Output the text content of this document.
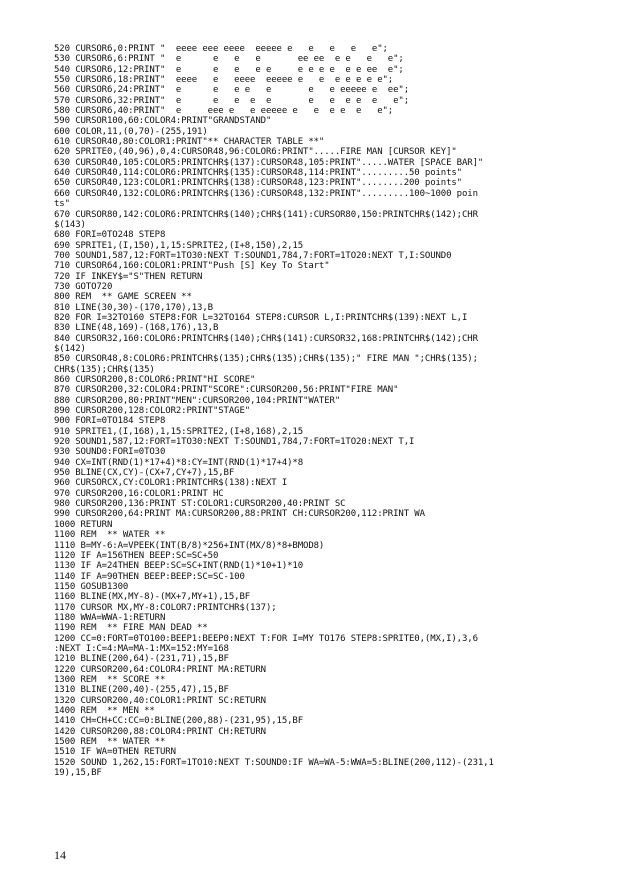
520 CURSOR6,0:PRINT "  eeee eee eeee  eeeee e   e   e   e   e";
530 CURSOR6,6:PRINT "  e      e   e   e       ee ee  e e   e   e";
540 CURSOR6,12:PRINT"  e      e   e   e e     e e e e  e e ee  e";
550 CURSOR6,18:PRINT"  eeee   e   eeee  eeeee e   e  e e e e e";
560 CURSOR6,24:PRINT"  e      e   e e   e       e   e eeeee e  ee";
570 CURSOR6,32:PRINT"  e      e   e  e  e       e   e  e e  e   e";
580 CURSOR6,40:PRINT"  e     eee e   e eeeee e   e  e e  e   e";
590 CURSOR100,60:COLOR4:PRINT"GRANDSTAND"
600 COLOR,11,(0,70)-(255,191)
610 CURSOR40,80:COLOR1:PRINT"** CHARACTER TABLE **"
620 SPRITE0,(40,96),0,4:CURSOR48,96:COLOR6:PRINT".....FIRE MAN [CURSOR KEY]"
630 CURSOR40,105:COLOR5:PRINTCHR$(137):CURSOR48,105:PRINT".....WATER [SPACE BAR]"
640 CURSOR40,114:COLOR6:PRINTCHR$(135):CURSOR48,114:PRINT".........50 points"
650 CURSOR40,123:COLOR1:PRINTCHR$(138):CURSOR48,123:PRINT"........200 points"
660 CURSOR40,132:COLOR6:PRINTCHR$(136):CURSOR48,132:PRINT".........100~1000 poin
ts"
670 CURSOR80,142:COLOR6:PRINTCHR$(140);CHR$(141):CURSOR80,150:PRINTCHR$(142);CHR
$(143)
680 FORI=0TO248 STEP8
690 SPRITE1,(I,150),1,15:SPRITE2,(I+8,150),2,15
700 SOUND1,587,12:FORT=1TO30:NEXT T:SOUND1,784,7:FORT=1TO20:NEXT T,I:SOUND0
710 CURSOR64,160:COLOR1:PRINT"Push [S] Key To Start"
720 IF INKEY$="S"THEN RETURN
730 GOTO720
800 REM  ** GAME SCREEN **
810 LINE(30,30)-(170,170),13,B
820 FOR I=32TO160 STEP8:FOR L=32TO164 STEP8:CURSOR L,I:PRINTCHR$(139):NEXT L,I
830 LINE(48,169)-(168,176),13,B
840 CURSOR32,160:COLOR6:PRINTCHR$(140);CHR$(141):CURSOR32,168:PRINTCHR$(142);CHR
$(142)
850 CURSOR48,8:COLOR6:PRINTCHR$(135);CHR$(135);CHR$(135);" FIRE MAN ";CHR$(135);
CHR$(135);CHR$(135)
860 CURSOR200,8:COLOR6:PRINT"HI SCORE"
870 CURSOR200,32:COLOR4:PRINT"SCORE":CURSOR200,56:PRINT"FIRE MAN"
880 CURSOR200,80:PRINT"MEN":CURSOR200,104:PRINT"WATER"
890 CURSOR200,128:COLOR2:PRINT"STAGE"
900 FORI=0TO184 STEP8
910 SPRITE1,(I,168),1,15:SPRITE2,(I+8,168),2,15
920 SOUND1,587,12:FORT=1TO30:NEXT T:SOUND1,784,7:FORT=1TO20:NEXT T,I
930 SOUND0:FORI=0TO30
940 CX=INT(RND(1)*17+4)*8:CY=INT(RND(1)*17+4)*8
950 BLINE(CX,CY)-(CX+7,CY+7),15,BF
960 CURSORCX,CY:COLOR1:PRINTCHR$(138):NEXT I
970 CURSOR200,16:COLOR1:PRINT HC
980 CURSOR200,136:PRINT ST:COLOR1:CURSOR200,40:PRINT SC
990 CURSOR200,64:PRINT MA:CURSOR200,88:PRINT CH:CURSOR200,112:PRINT WA
1000 RETURN
1100 REM  ** WATER **
1110 B=MY-6:A=VPEEK(INT(B/8)*256+INT(MX/8)*8+BMOD8)
1120 IF A=156THEN BEEP:SC=SC+50
1130 IF A=24THEN BEEP:SC=SC+INT(RND(1)*10+1)*10
1140 IF A=90THEN BEEP:BEEP:SC=SC-100
1150 GOSUB1300
1160 BLINE(MX,MY-8)-(MX+7,MY+1),15,BF
1170 CURSOR MX,MY-8:COLOR7:PRINTCHR$(137);
1180 WWA=WWA-1:RETURN
1190 REM  ** FIRE MAN DEAD **
1200 CC=0:FORT=0TO100:BEEP1:BEEP0:NEXT T:FOR I=MY TO176 STEP8:SPRITE0,(MX,I),3,6
:NEXT I:C=4:MA=MA-1:MX=152:MY=168
1210 BLINE(200,64)-(231,71),15,BF
1220 CURSOR200,64:COLOR4:PRINT MA:RETURN
1300 REM  ** SCORE **
1310 BLINE(200,40)-(255,47),15,BF
1320 CURSOR200,40:COLOR1:PRINT SC:RETURN
1400 REM  ** MEN **
1410 CH=CH+CC:CC=0:BLINE(200,88)-(231,95),15,BF
1420 CURSOR200,88:COLOR4:PRINT CH:RETURN
1500 REM  ** WATER **
1510 IF WA=0THEN RETURN
1520 SOUND 1,262,15:FORT=1TO10:NEXT T:SOUND0:IF WA=WA-5:WWA=5:BLINE(200,112)-(231,1
19),15,BF
14
